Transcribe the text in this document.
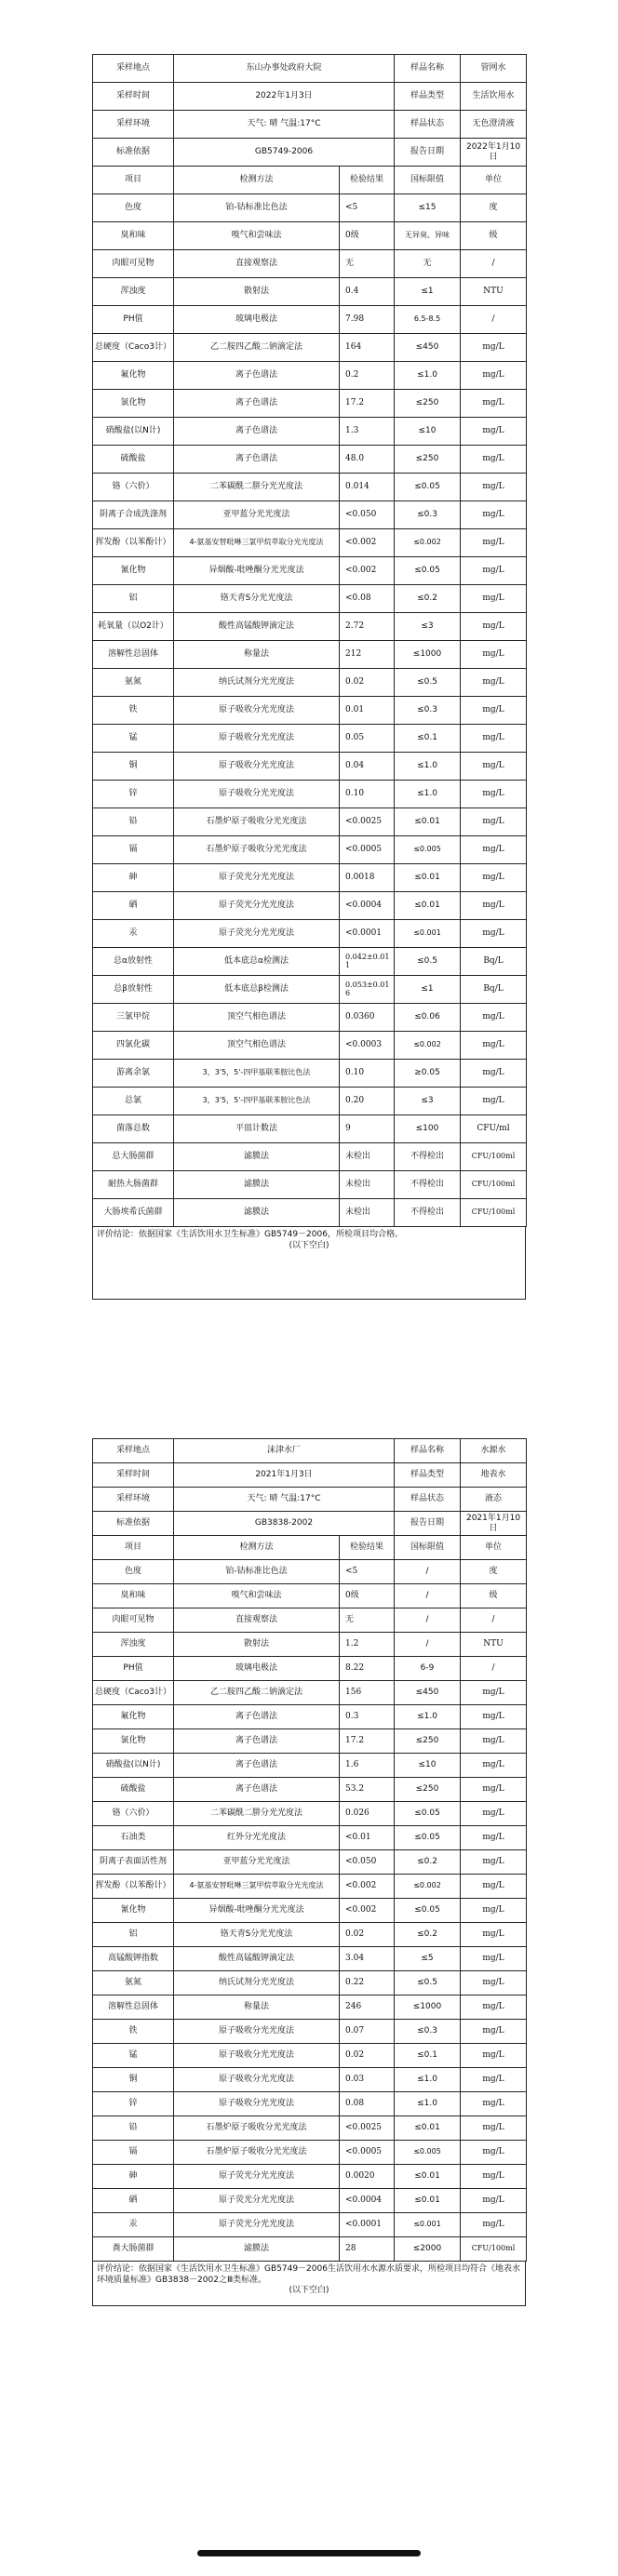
采样地点	东山办事处政府大院		样品名称	管网水
采样时间	2022年1月3日		样品类型	生活饮用水
采样环境	天气: 晴 气温:17°C		样品状态	无色澄清液
标准依据	GB5749-2006		报告日期	2022年1月10日
项目	检测方法	检验结果	国标限值	单位
色度	铂-钴标准比色法	<5	≤15	度
臭和味	嗅气和尝味法	0级	无异臭、异味	级
肉眼可见物	直接观察法	无	无	/
浑浊度	散射法	0.4	≤1	NTU
PH值	玻璃电极法	7.98	6.5-8.5	/
总硬度（Caco3计）	乙二胺四乙酸二钠滴定法	164	≤450	mg/L
氟化物	离子色谱法	0.2	≤1.0	mg/L
氯化物	离子色谱法	17.2	≤250	mg/L
硝酸盐(以N计)	离子色谱法	1.3	≤10	mg/L
硫酸盐	离子色谱法	48.0	≤250	mg/L
铬（六价）	二苯碳酰二肼分光光度法	0.014	≤0.05	mg/L
阴离子合成洗涤剂	亚甲蓝分光光度法	<0.050	≤0.3	mg/L
挥发酚（以苯酚计）	4-氨基安替吡啉三氯甲烷萃取分光光度法	<0.002	≤0.002	mg/L
氰化物	异烟酸-吡唑酮分光光度法	<0.002	≤0.05	mg/L
铝	铬天青S分光光度法	<0.08	≤0.2	mg/L
耗氧量（以O2计）	酸性高锰酸钾滴定法	2.72	≤3	mg/L
溶解性总固体	称量法	212	≤1000	mg/L
氨氮	纳氏试剂分光光度法	0.02	≤0.5	mg/L
铁	原子吸收分光光度法	0.01	≤0.3	mg/L
锰	原子吸收分光光度法	0.05	≤0.1	mg/L
铜	原子吸收分光光度法	0.04	≤1.0	mg/L
锌	原子吸收分光光度法	0.10	≤1.0	mg/L
铅	石墨炉原子吸收分光光度法	<0.0025	≤0.01	mg/L
镉	石墨炉原子吸收分光光度法	<0.0005	≤0.005	mg/L
砷	原子荧光分光光度法	0.0018	≤0.01	mg/L
硒	原子荧光分光光度法	<0.0004	≤0.01	mg/L
汞	原子荧光分光光度法	<0.0001	≤0.001	mg/L
总α放射性	低本底总α检测法	0.042±0.011	≤0.5	Bq/L
总β放射性	低本底总β检测法	0.053±0.016	≤1	Bq/L
三氯甲烷	顶空气相色谱法	0.0360	≤0.06	mg/L
四氯化碳	顶空气相色谱法	<0.0003	≤0.002	mg/L
游离余氯	3，3'5，5'-四甲基联苯胺比色法	0.10	≥0.05	mg/L
总氯	3，3'5，5'-四甲基联苯胺比色法	0.20	≤3	mg/L
菌落总数	平皿计数法	9	≤100	CFU/ml
总大肠菌群	滤膜法	未检出	不得检出	CFU/100ml
耐热大肠菌群	滤膜法	未检出	不得检出	CFU/100ml
大肠埃希氏菌群	滤膜法	未检出	不得检出	CFU/100ml
评价结论：依据国家《生活饮用水卫生标准》GB5749－2006，所检项目均合格。
(以下空白)
采样地点	沫津水厂		样品名称	水源水
采样时间	2021年1月3日		样品类型	地表水
采样环境	天气: 晴 气温:17°C		样品状态	液态
标准依据	GB3838-2002		报告日期	2021年1月10日
项目	检测方法	检验结果	国标限值	单位
色度	铂-钴标准比色法	<5	/	度
臭和味	嗅气和尝味法	0级	/	级
肉眼可见物	直接观察法	无	/	/
浑浊度	散射法	1.2	/	NTU
PH值	玻璃电极法	8.22	6-9	/
总硬度（Caco3计）	乙二胺四乙酸二钠滴定法	156	≤450	mg/L
氟化物	离子色谱法	0.3	≤1.0	mg/L
氯化物	离子色谱法	17.2	≤250	mg/L
硝酸盐(以N计)	离子色谱法	1.6	≤10	mg/L
硫酸盐	离子色谱法	53.2	≤250	mg/L
铬（六价）	二苯碳酰二肼分光光度法	0.026	≤0.05	mg/L
石油类	红外分光光度法	<0.01	≤0.05	mg/L
阴离子表面活性剂	亚甲蓝分光光度法	<0.050	≤0.2	mg/L
挥发酚（以苯酚计）	4-氨基安替吡啉三氯甲烷萃取分光光度法	<0.002	≤0.002	mg/L
氰化物	异烟酸-吡唑酮分光光度法	<0.002	≤0.05	mg/L
铝	铬天青S分光光度法	0.02	≤0.2	mg/L
高锰酸钾指数	酸性高锰酸钾滴定法	3.04	≤5	mg/L
氨氮	纳氏试剂分光光度法	0.22	≤0.5	mg/L
溶解性总固体	称量法	246	≤1000	mg/L
铁	原子吸收分光光度法	0.07	≤0.3	mg/L
锰	原子吸收分光光度法	0.02	≤0.1	mg/L
铜	原子吸收分光光度法	0.03	≤1.0	mg/L
锌	原子吸收分光光度法	0.08	≤1.0	mg/L
铅	石墨炉原子吸收分光光度法	<0.0025	≤0.01	mg/L
镉	石墨炉原子吸收分光光度法	<0.0005	≤0.005	mg/L
砷	原子荧光分光光度法	0.0020	≤0.01	mg/L
硒	原子荧光分光光度法	<0.0004	≤0.01	mg/L
汞	原子荧光分光光度法	<0.0001	≤0.001	mg/L
粪大肠菌群	滤膜法	28	≤2000	CFU/100ml
评价结论：依据国家《生活饮用水卫生标准》GB5749－2006生活饮用水水源水质要求，所检项目均符合《地表水环境质量标准》GB3838－2002之Ⅲ类标准。
(以下空白)
